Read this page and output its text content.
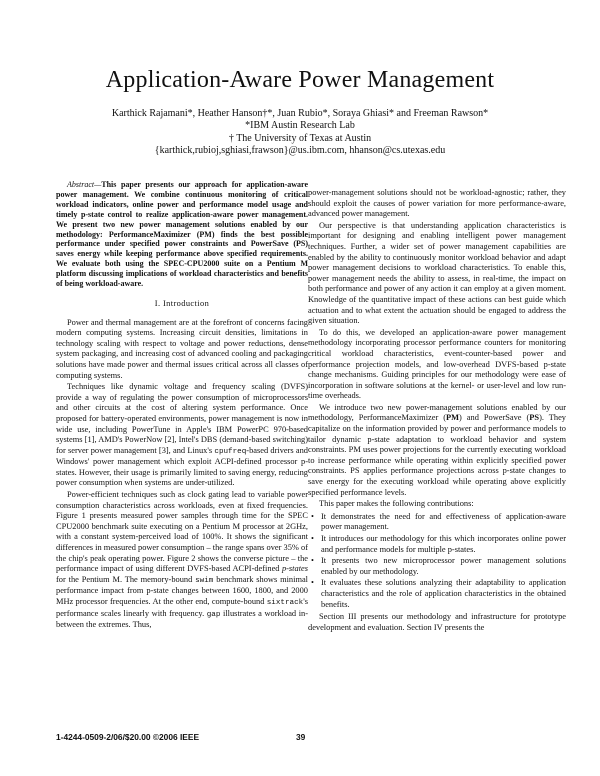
Application-Aware Power Management
Karthick Rajamani*, Heather Hanson†*, Juan Rubio*, Soraya Ghiasi* and Freeman Rawson*
*IBM Austin Research Lab
† The University of Texas at Austin
{karthick,rubioj,sghiasi,frawson}@us.ibm.com, hhanson@cs.utexas.edu

Abstract—This paper presents our approach for application-aware power management. We combine continuous monitoring of critical workload indicators, online power and performance model usage and timely p-state control to realize application-aware power management. We present two new power management solutions enabled by our methodology: PerformanceMaximizer (PM) finds the best possible performance under specified power constraints and PowerSave (PS) saves energy while keeping performance above specified requirements. We evaluate both using the SPEC-CPU2000 suite on a Pentium M platform discussing implications of workload characteristics and benefits of being workload-aware.

I. Introduction

Power and thermal management are at the forefront of concerns facing modern computing systems. Increasing circuit densities, limitations in technology scaling with respect to voltage and power reductions, dense system packaging, and increasing cost of advanced cooling and packaging solutions have made power and thermal issues critical across all classes of computing systems.

Techniques like dynamic voltage and frequency scaling (DVFS) provide a way of regulating the power consumption of microprocessors and other circuits at the cost of altering system performance. Once proposed for battery-operated environments, power management is now in wide use, including PowerTune in Apple's IBM PowerPC 970-based systems [1], AMD's PowerNow [2], Intel's DBS (demand-based switching) for server power management [3], and Linux's cpufreq-based drivers and Windows' power management which exploit ACPI-defined processor p-states. However, their usage is primarily limited to saving energy, reducing power consumption when systems are under-utilized.

Power-efficient techniques such as clock gating lead to variable power consumption characteristics across workloads, even at fixed frequencies. Figure 1 presents measured power samples through time for the SPEC CPU2000 benchmark suite executing on a Pentium M processor at 2GHz, with a constant system-perceived load of 100%. It shows the significant differences in measured power consumption – the range spans over 35% of the chip's peak operating power. Figure 2 shows the converse picture – the performance impact of using different DVFS-based ACPI-defined p-states for the Pentium M. The memory-bound swim benchmark shows minimal performance impact from p-state changes between 1600, 1800, and 2000 MHz processor frequencies. At the other end, compute-bound sixtrack's performance scales linearly with frequency. gap illustrates a workload in-between the extremes. Thus,

power-management solutions should not be workload-agnostic; rather, they should exploit the causes of power variation for more performance-aware, advanced power management.

Our perspective is that understanding application characteristics is important for designing and enabling intelligent power management techniques. Further, a wider set of power management capabilities are enabled by the ability to continuously monitor workload behavior and adapt power management decisions to workload characteristics. To enable this, power management needs the ability to assess, in real-time, the impact on both performance and power of any action it can employ at a given moment. Knowledge of the quantitative impact of these actions can best guide which actuation and to what extent the actuation should be engaged to address the given situation.

To do this, we developed an application-aware power management methodology incorporating processor performance counters for monitoring critical workload characteristics, event-counter-based power and performance projection models, and low-overhead DVFS-based p-state change mechanisms. Guiding principles for our methodology were ease of incorporation in software solutions at the kernel- or user-level and low run-time overheads.

We introduce two new power-management solutions enabled by our methodology, PerformanceMaximizer (PM) and PowerSave (PS). They capitalize on the information provided by power and performance models to tailor dynamic p-state adaptation to workload behavior and system constraints. PM uses power projections for the currently executing workload to increase performance while operating within explicitly specified power constraints. PS applies performance projections across p-state changes to save energy for the executing workload while operating above explicitly specified performance levels.

This paper makes the following contributions:

• It demonstrates the need for and effectiveness of application-aware power management.
• It introduces our methodology for this which incorporates online power and performance models for multiple p-states.
• It presents two new microprocessor power management solutions enabled by our methodology.
• It evaluates these solutions analyzing their adaptability to application characteristics and the role of application characteristics in the obtained benefits.

Section III presents our methodology and infrastructure for prototype development and evaluation. Section IV presents the

1-4244-0509-2/06/$20.00 ©2006 IEEE	39
